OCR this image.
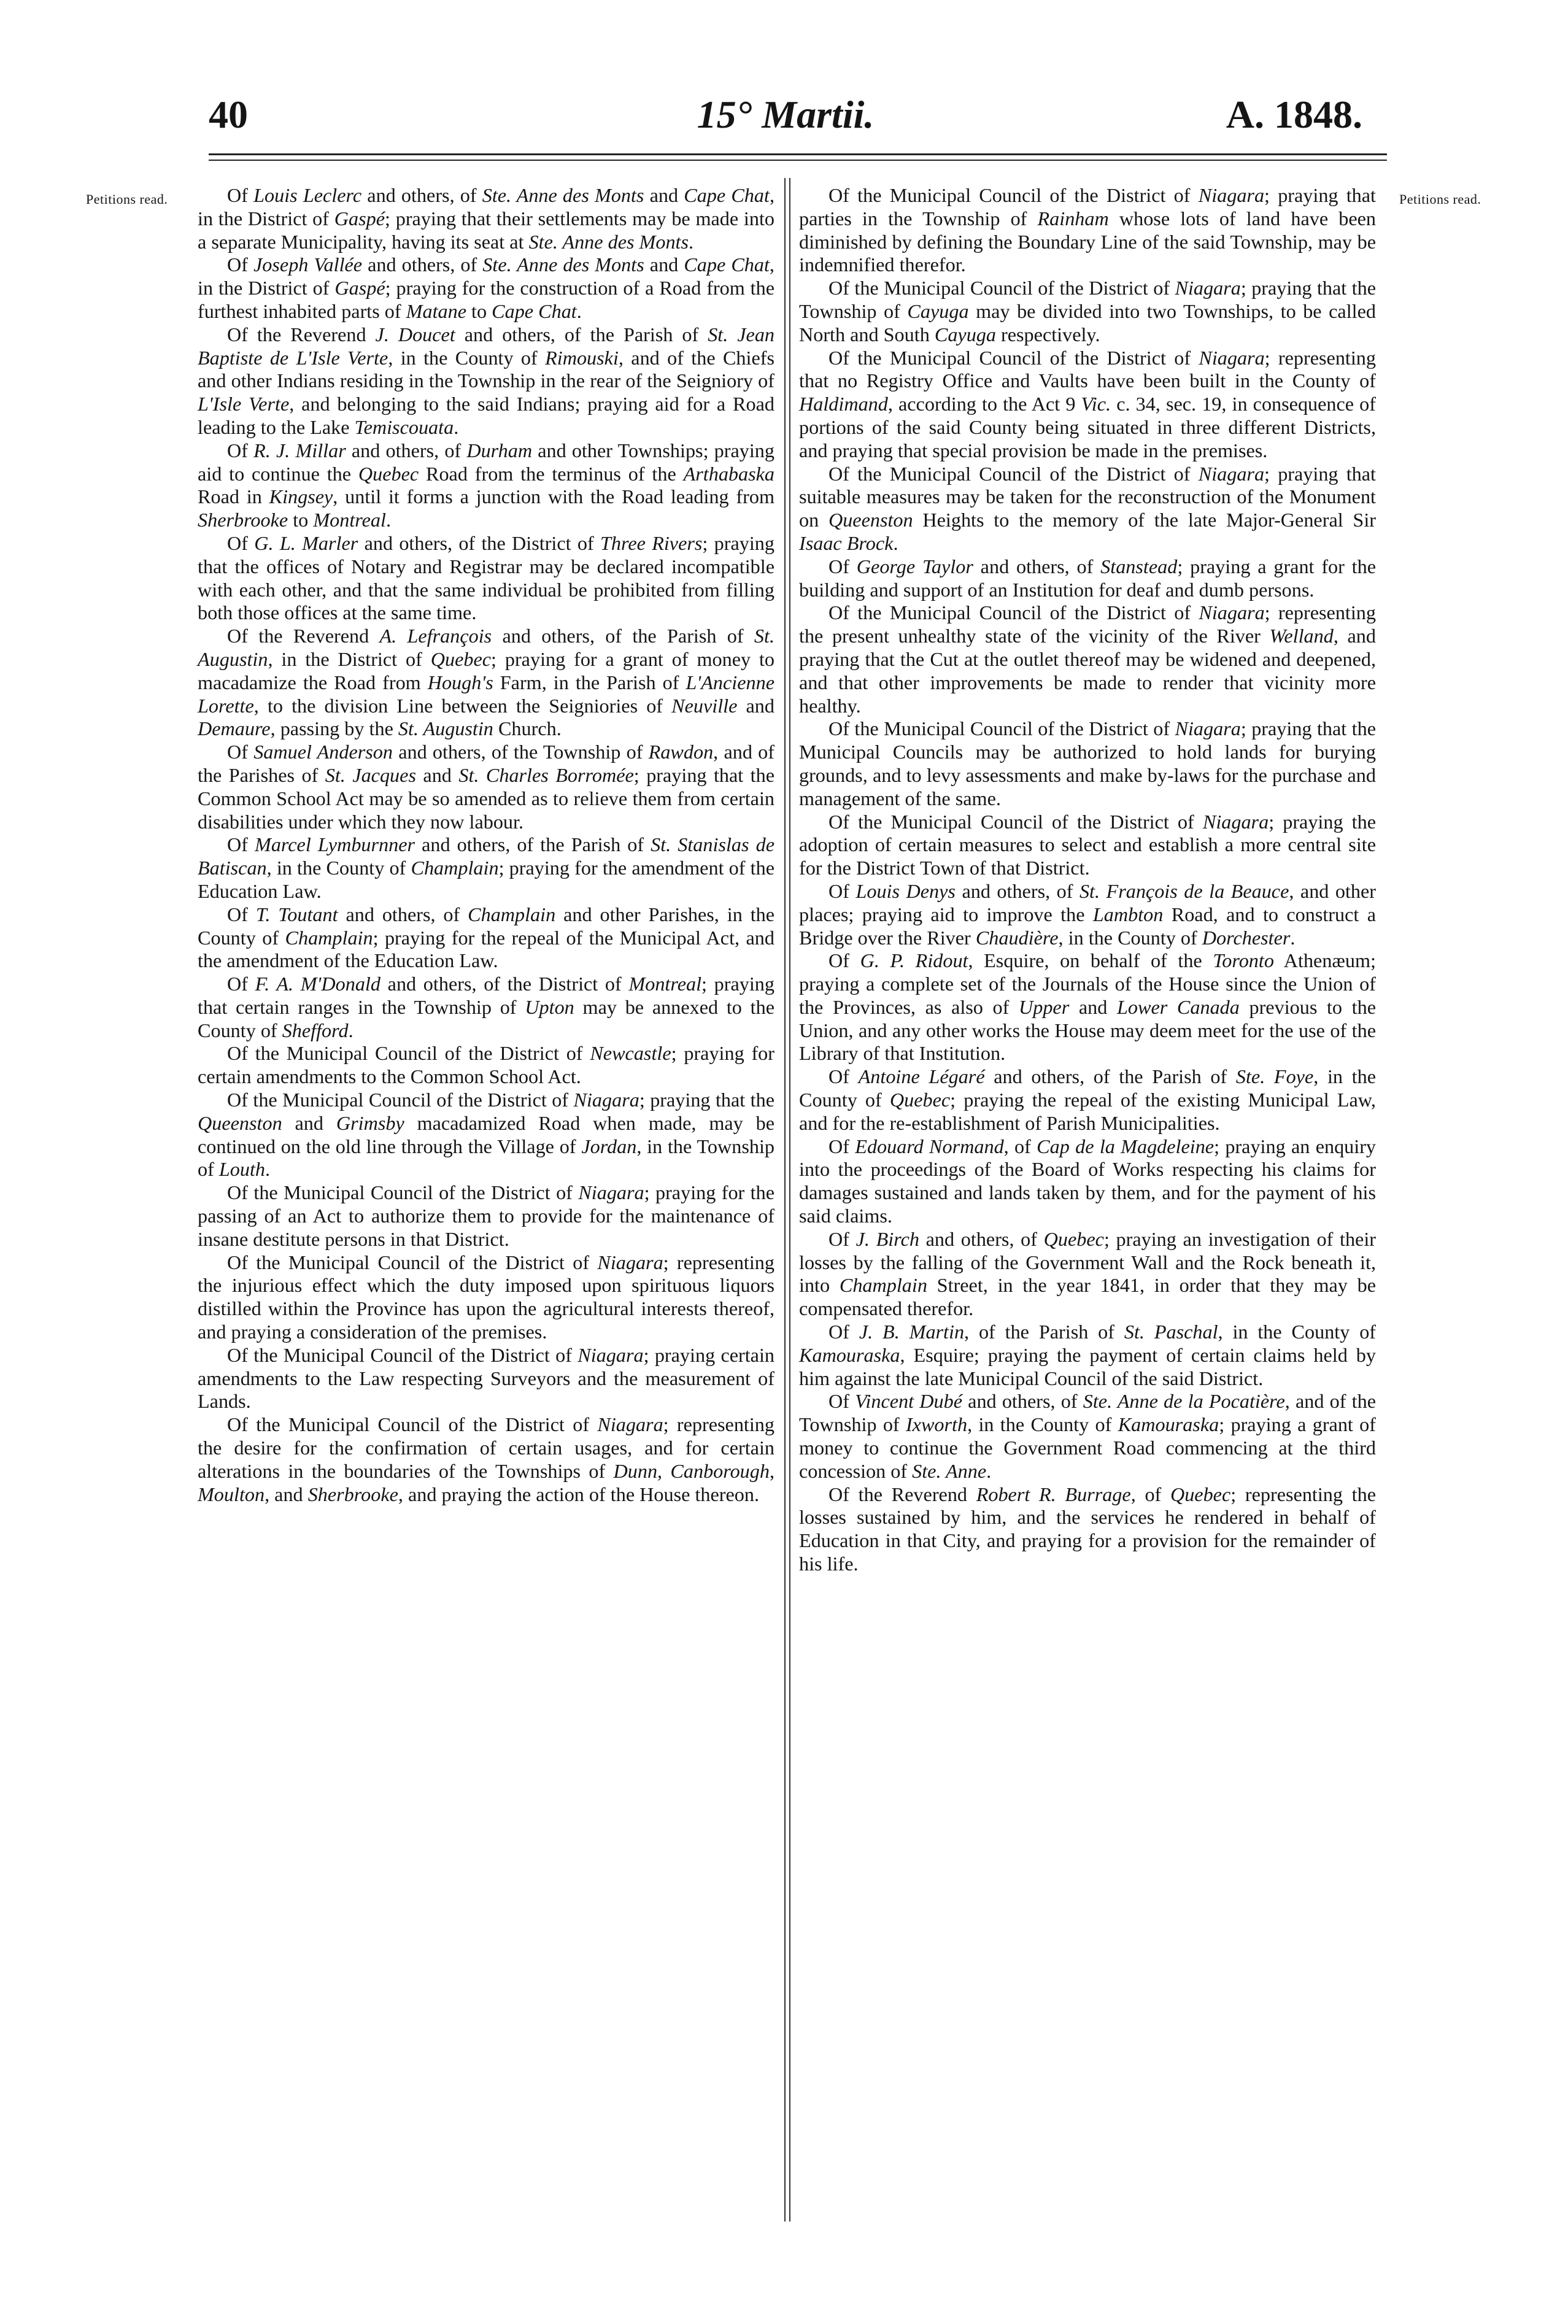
40	15° Martii.	A. 1848.
Petitions read.	Petitions read.

Of Louis Leclerc and others, of Ste. Anne des Monts and Cape Chat, in the District of Gaspé; praying that their settlements may be made into a separate Municipality, having its seat at Ste. Anne des Monts.

Of Joseph Vallée and others, of Ste. Anne des Monts and Cape Chat, in the District of Gaspé; praying for the construction of a Road from the furthest inhabited parts of Matane to Cape Chat.

Of the Reverend J. Doucet and others, of the Parish of St. Jean Baptiste de L'Isle Verte, in the County of Rimouski, and of the Chiefs and other Indians residing in the Township in the rear of the Seigniory of L'Isle Verte, and belonging to the said Indians; praying aid for a Road leading to the Lake Temiscouata.

Of R. J. Millar and others, of Durham and other Townships; praying aid to continue the Quebec Road from the terminus of the Arthabaska Road in Kingsey, until it forms a junction with the Road leading from Sherbrooke to Montreal.

Of G. L. Marler and others, of the District of Three Rivers; praying that the offices of Notary and Registrar may be declared incompatible with each other, and that the same individual be prohibited from filling both those offices at the same time.

Of the Reverend A. Lefrançois and others, of the Parish of St. Augustin, in the District of Quebec; praying for a grant of money to macadamize the Road from Hough's Farm, in the Parish of L'Ancienne Lorette, to the division Line between the Seigniories of Neuville and Demaure, passing by the St. Augustin Church.

Of Samuel Anderson and others, of the Township of Rawdon, and of the Parishes of St. Jacques and St. Charles Borromée; praying that the Common School Act may be so amended as to relieve them from certain disabilities under which they now labour.

Of Marcel Lymburnner and others, of the Parish of St. Stanislas de Batiscan, in the County of Champlain; praying for the amendment of the Education Law.

Of T. Toutant and others, of Champlain and other Parishes, in the County of Champlain; praying for the repeal of the Municipal Act, and the amendment of the Education Law.

Of F. A. M'Donald and others, of the District of Montreal; praying that certain ranges in the Township of Upton may be annexed to the County of Shefford.

Of the Municipal Council of the District of Newcastle; praying for certain amendments to the Common School Act.

Of the Municipal Council of the District of Niagara; praying that the Queenston and Grimsby macadamized Road when made, may be continued on the old line through the Village of Jordan, in the Township of Louth.

Of the Municipal Council of the District of Niagara; praying for the passing of an Act to authorize them to provide for the maintenance of insane destitute persons in that District.

Of the Municipal Council of the District of Niagara; representing the injurious effect which the duty imposed upon spirituous liquors distilled within the Province has upon the agricultural interests thereof, and praying a consideration of the premises.

Of the Municipal Council of the District of Niagara; praying certain amendments to the Law respecting Surveyors and the measurement of Lands.

Of the Municipal Council of the District of Niagara; representing the desire for the confirmation of certain usages, and for certain alterations in the boundaries of the Townships of Dunn, Canborough, Moulton, and Sherbrooke, and praying the action of the House thereon.

Of the Municipal Council of the District of Niagara; praying that parties in the Township of Rainham whose lots of land have been diminished by defining the Boundary Line of the said Township, may be indemnified therefor.

Of the Municipal Council of the District of Niagara; praying that the Township of Cayuga may be divided into two Townships, to be called North and South Cayuga respectively.

Of the Municipal Council of the District of Niagara; representing that no Registry Office and Vaults have been built in the County of Haldimand, according to the Act 9 Vic. c. 34, sec. 19, in consequence of portions of the said County being situated in three different Districts, and praying that special provision be made in the premises.

Of the Municipal Council of the District of Niagara; praying that suitable measures may be taken for the reconstruction of the Monument on Queenston Heights to the memory of the late Major-General Sir Isaac Brock.

Of George Taylor and others, of Stanstead; praying a grant for the building and support of an Institution for deaf and dumb persons.

Of the Municipal Council of the District of Niagara; representing the present unhealthy state of the vicinity of the River Welland, and praying that the Cut at the outlet thereof may be widened and deepened, and that other improvements be made to render that vicinity more healthy.

Of the Municipal Council of the District of Niagara; praying that the Municipal Councils may be authorized to hold lands for burying grounds, and to levy assessments and make by-laws for the purchase and management of the same.

Of the Municipal Council of the District of Niagara; praying the adoption of certain measures to select and establish a more central site for the District Town of that District.

Of Louis Denys and others, of St. François de la Beauce, and other places; praying aid to improve the Lambton Road, and to construct a Bridge over the River Chaudière, in the County of Dorchester.

Of G. P. Ridout, Esquire, on behalf of the Toronto Athenæum; praying a complete set of the Journals of the House since the Union of the Provinces, as also of Upper and Lower Canada previous to the Union, and any other works the House may deem meet for the use of the Library of that Institution.

Of Antoine Légaré and others, of the Parish of Ste. Foye, in the County of Quebec; praying the repeal of the existing Municipal Law, and for the re-establishment of Parish Municipalities.

Of Edouard Normand, of Cap de la Magdeleine; praying an enquiry into the proceedings of the Board of Works respecting his claims for damages sustained and lands taken by them, and for the payment of his said claims.

Of J. Birch and others, of Quebec; praying an investigation of their losses by the falling of the Government Wall and the Rock beneath it, into Champlain Street, in the year 1841, in order that they may be compensated therefor.

Of J. B. Martin, of the Parish of St. Paschal, in the County of Kamouraska, Esquire; praying the payment of certain claims held by him against the late Municipal Council of the said District.

Of Vincent Dubé and others, of Ste. Anne de la Pocatière, and of the Township of Ixworth, in the County of Kamouraska; praying a grant of money to continue the Government Road commencing at the third concession of Ste. Anne.

Of the Reverend Robert R. Burrage, of Quebec; representing the losses sustained by him, and the services he rendered in behalf of Education in that City, and praying for a provision for the remainder of his life.
